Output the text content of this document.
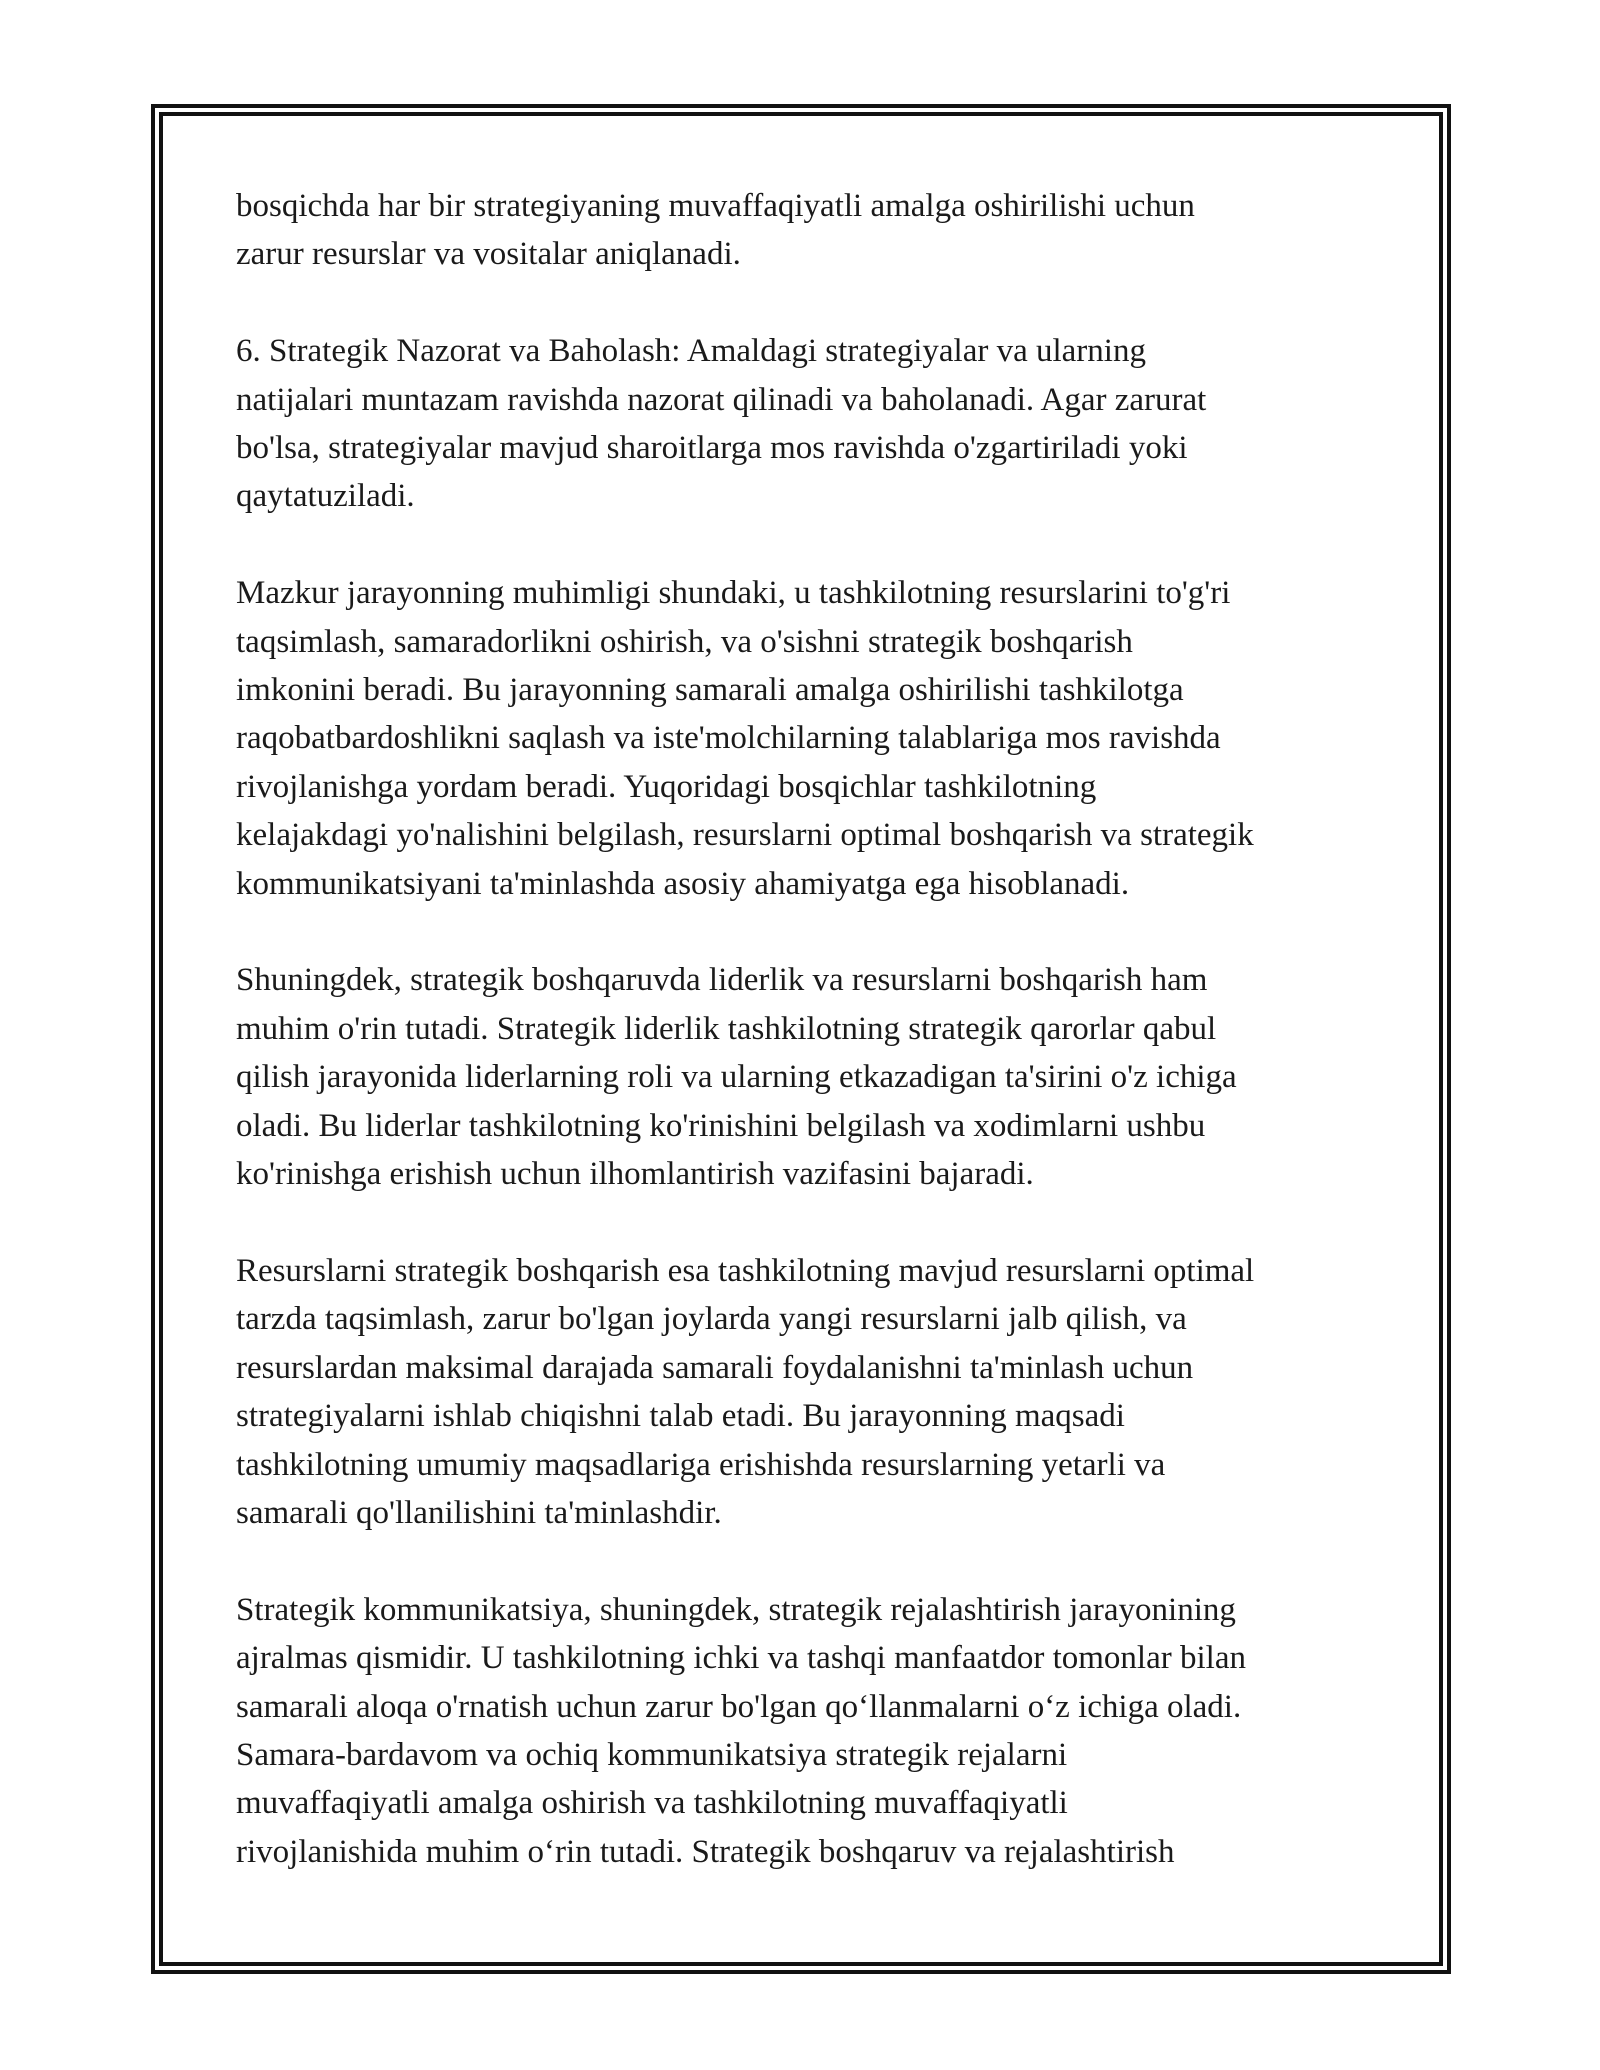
bosqichda har bir strategiyaning muvaffaqiyatli amalga oshirilishi uchun
zarur resurslar va vositalar aniqlanadi.

6. Strategik Nazorat va Baholash: Amaldagi strategiyalar va ularning
natijalari muntazam ravishda nazorat qilinadi va baholanadi. Agar zarurat
bo'lsa, strategiyalar mavjud sharoitlarga mos ravishda o'zgartiriladi yoki
qaytatuziladi.

Mazkur jarayonning muhimligi shundaki, u tashkilotning resurslarini to'g'ri
taqsimlash, samaradorlikni oshirish, va o'sishni strategik boshqarish
imkonini beradi. Bu jarayonning samarali amalga oshirilishi tashkilotga
raqobatbardoshlikni saqlash va iste'molchilarning talablariga mos ravishda
rivojlanishga yordam beradi. Yuqoridagi bosqichlar tashkilotning
kelajakdagi yo'nalishini belgilash, resurslarni optimal boshqarish va strategik
kommunikatsiyani ta'minlashda asosiy ahamiyatga ega hisoblanadi.

Shuningdek, strategik boshqaruvda liderlik va resurslarni boshqarish ham
muhim o'rin tutadi. Strategik liderlik tashkilotning strategik qarorlar qabul
qilish jarayonida liderlarning roli va ularning etkazadigan ta'sirini o'z ichiga
oladi. Bu liderlar tashkilotning ko'rinishini belgilash va xodimlarni ushbu
ko'rinishga erishish uchun ilhomlantirish vazifasini bajaradi.

Resurslarni strategik boshqarish esa tashkilotning mavjud resurslarni optimal
tarzda taqsimlash, zarur bo'lgan joylarda yangi resurslarni jalb qilish, va
resurslardan maksimal darajada samarali foydalanishni ta'minlash uchun
strategiyalarni ishlab chiqishni talab etadi. Bu jarayonning maqsadi
tashkilotning umumiy maqsadlariga erishishda resurslarning yetarli va
samarali qo'llanilishini ta'minlashdir.

Strategik kommunikatsiya, shuningdek, strategik rejalashtirish jarayonining
ajralmas qismidir. U tashkilotning ichki va tashqi manfaatdor tomonlar bilan
samarali aloqa o'rnatish uchun zarur bo'lgan qo‘llanmalarni o‘z ichiga oladi.
Samara-bardavom va ochiq kommunikatsiya strategik rejalarni
muvaffaqiyatli amalga oshirish va tashkilotning muvaffaqiyatli
rivojlanishida muhim o‘rin tutadi. Strategik boshqaruv va rejalashtirish
